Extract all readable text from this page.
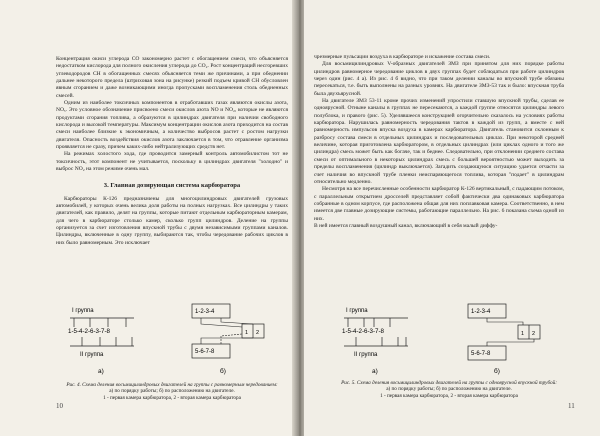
Концентрация окиси углерода CO закономерно растет с обогащением смеси, что объясняется недостатком кислорода для полного окисления углерода до CO₂. Рост концентраций несгоревших углеводородов CH в обогащенных смесях объясняется теми же причинами, а при обеднении дальнее некоторого предела (штриховая зона на рисунке) резкий подъем кривой CH обусловлен явным сгоранием и даже возникающими иногда пропусками воспламенения столь обедненных смесей.

Одним из наиболее токсичных компонентов в отработавших газах являются окислы азота, NOₓ. Это условное обозначение присвоено смеси окислов азота NO и NO₂, которые не являются продуктами сгорания топлива, а образуются в цилиндрах двигателя при наличии свободного кислорода и высокой температуры. Максимум концентрации окислов азота приходится на состав смеси наиболее близкие к экономичным, а количество выбросов растет с ростом нагрузки двигателя. Опасность воздействия окислов азота заключается в том, что отравление организма проявляется не сразу, причем каких-либо нейтрализующих средств нет.

На режимах холостого хода, где проводится замерный контроль автомобилистом тот не токсичность, этот компонент не учитывается, поскольку в цилиндрах двигателя "холодно" и выброс NO₂ на этом режиме очень мал.

3. Главная дозирующая система карбюратора

Карбюраторы К-126 предназначены для многоцилиндровых двигателей грузовых автомобилей, у которых очень велика доля работы на полных нагрузках. Все цилиндры у таких двигателей, как правило, делят на группы, которые питают отдельным карбюраторным камерам, для чего в карбюраторе столько камер, сколько групп цилиндров. Деление на группы организуется за счет изготовления впускной трубы с двумя независимыми группами каналов. Цилиндры, включенные в одну группу, выбираются так, чтобы чередование рабочих циклов в них было равномерным. Это исключает

I группа
1-5-4-2-6-3-7-8
II группа
а)
1-2-3-4
5-6-7-8
1 2
б)
Рис. 4. Схема деления восьмицилиндровых двигателей на группы с равномерным чередованием:
а) по порядку работы; б) по расположению на двигателе.
1 - первая камера карбюратора, 2 - вторая камера карбюратора
10

чрезмерные пульсации воздуха в карбюраторе и искажение состава смеси.

Для восьмицилиндровых V-образных двигателей ЗМЗ при принятом для них порядке работы цилиндров равномерное чередование циклов в двух группах будет соблюдаться при работе цилиндров через один (рис. 4 а). Из рис. 4 б видно, что при таком делении каналы во впускной трубе обязаны пересекаться, т.е. быть выполнены на разных уровнях. На двигателе ЗМЗ-53 так и было: впускная труба была двухъярусной.

На двигателе ЗМЗ 53-11 кроме прочих изменений упростили ставшую впускной трубы, сделав ее одноярусной. Отныне каналы в группах не пересекаются, а каждой группе относятся цилиндры левого полублока, и правого (рис. 5). Уделявшееся конструкцией огорчительно сказалось на условиях работы карбюратора. Нарушилась равномерность чередования тактов в каждой из групп, а вместе с ней равномерность импульсов впуска воздуха в камерах карбюратора. Двигатель становится склонным к разбросу состава смеси в отдельных цилиндрах и последовательных циклах. При некоторой средней величине, которая приготовлена карбюратором, в отдельных цилиндрах (или циклах одного и того же цилиндра) смесь может быть как богаче, так и беднее. Следовательно, при отклонении среднего состава смеси от оптимального в некоторых цилиндрах смесь с большей вероятностью может выходить за пределы воспламенения (цилиндр выключается). Загадить создающуюся ситуацию удается отчасти за счет наличия во впускной трубе пленки неиспаряющегося топлива, которая "подает" в цилиндрам относительно медленно.

Несмотря на все перечисленные особенности карбюратор К-126 вертикальный, с падающим потоком, с параллельным открытием дросселей представляет собой фактически два одинаковых карбюратора собранные в одном корпусе, где расположена общая для них поплавковая камера. Соответственно, в нем имеется две главные дозирующие системы, работающие параллельно. На рис. 6 показана схема одной из них.

В ней имеется главный воздушный канал, включающий в себя малый диффу-

I группа
1-5-4-2-6-3-7-8
II группа
а)
1-2-3-4
5-6-7-8
1 2
б)
Рис. 5. Схема деления восьмицилиндровых двигателей на группы с одноярусной впускной трубой:
а) по порядку работы; б) по расположению на двигателе.
1 - первая камера карбюратора, 2 - вторая камера карбюратора
11
